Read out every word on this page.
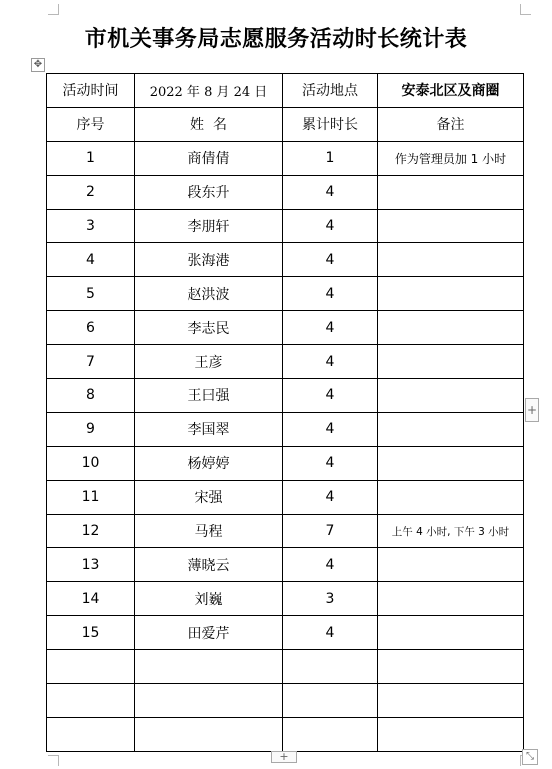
市机关事务局志愿服务活动时长统计表
✥
活动时间	2022 年 8 月 24 日	活动地点	安泰北区及商圈
序号	姓  名	累计时长	备注
1	商倩倩	1	作为管理员加 1 小时
2	段东升	4	
3	李朋轩	4	
4	张海港	4	
5	赵洪波	4	
6	李志民	4	
7	王彦	4	
8	王曰强	4	
9	李国翠	4	
10	杨婷婷	4	
11	宋强	4	
12	马程	7	上午 4 小时, 下午 3 小时
13	薄晓云	4	
14	刘巍	3	
15	田爱芹	4	

+
+	⤡
